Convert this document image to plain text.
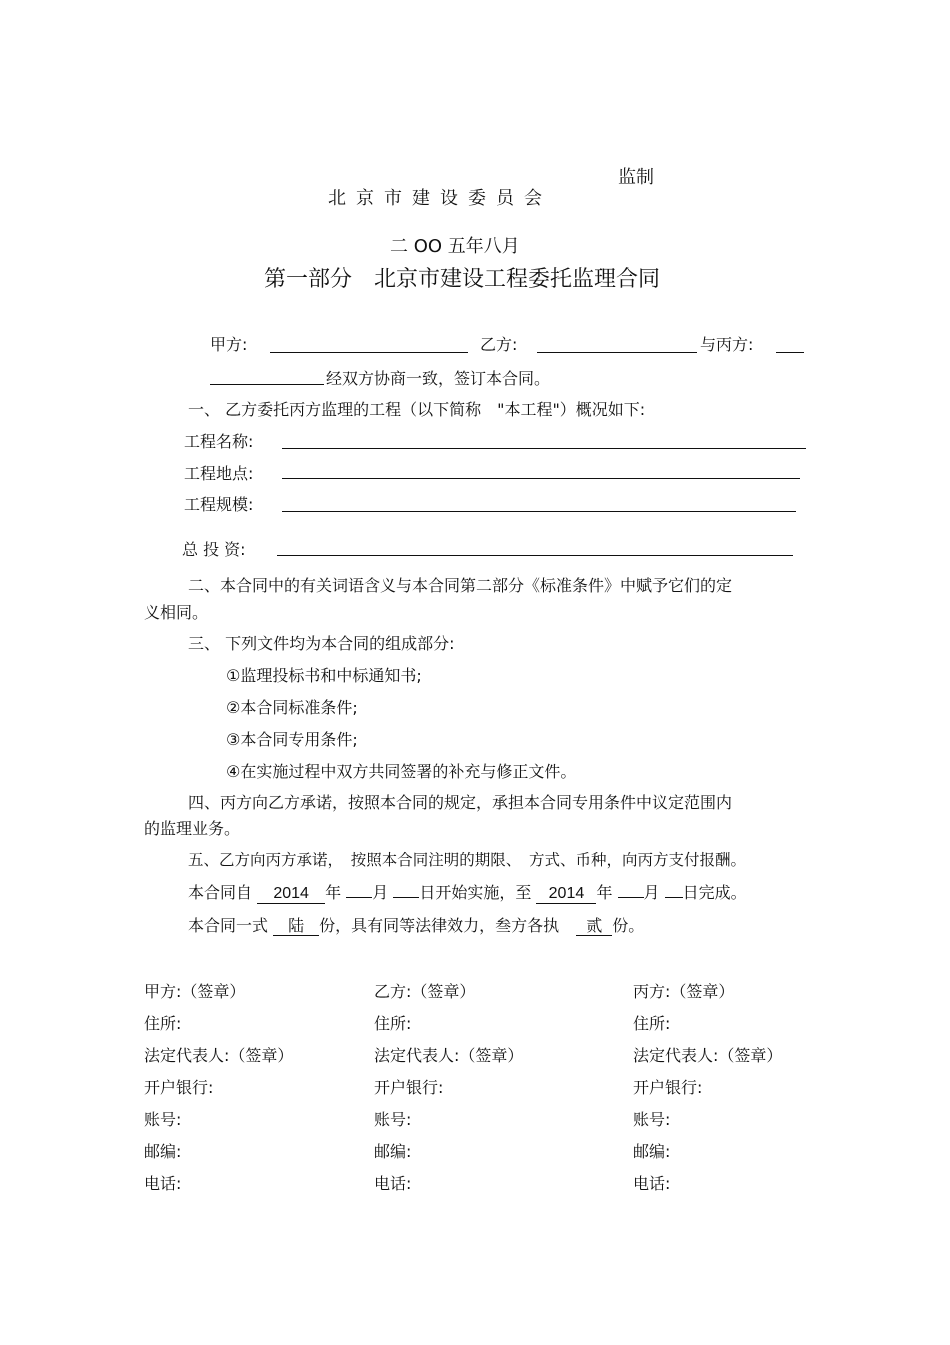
监制
北京市建设委员会
二 OO 五年八月
第一部分　北京市建设工程委托监理合同
甲方:	乙方:	与丙方:
经双方协商一致，签订本合同。
一、 乙方委托丙方监理的工程（以下简称　"本工程"）概况如下:
工程名称:
工程地点:
工程规模:
总 投 资:
二、本合同中的有关词语含义与本合同第二部分《标准条件》中赋予它们的定
义相同。
三、 下列文件均为本合同的组成部分:
①监理投标书和中标通知书;
②本合同标准条件;
③本合同专用条件;
④在实施过程中双方共同签署的补充与修正文件。
四、丙方向乙方承诺，按照本合同的规定，承担本合同专用条件中议定范围内
的监理业务。
五、乙方向丙方承诺，　按照本合同注明的期限、　方式、币种，向丙方支付报酬。
本合同自 2014 年 月 日开始实施，至 2014 年 月 日完成。
本合同一式 陆 份，具有同等法律效力，叁方各执 贰 份。
甲方:（签章）
住所:
法定代表人:（签章）
开户银行:
账号:
邮编:
电话:
乙方:（签章）
住所:
法定代表人:（签章）
开户银行:
账号:
邮编:
电话:
丙方:（签章）
住所:
法定代表人:（签章）
开户银行:
账号:
邮编:
电话:
